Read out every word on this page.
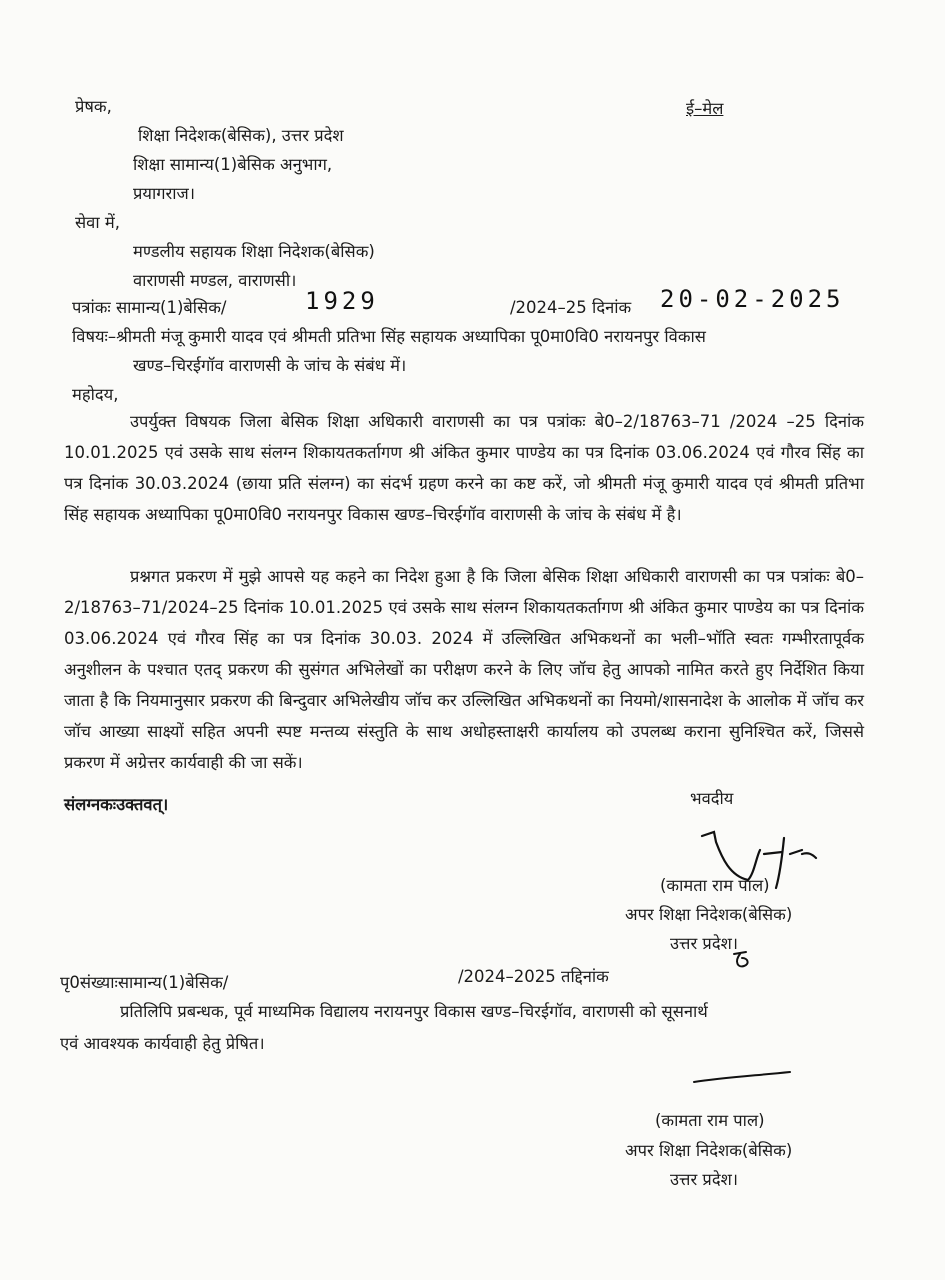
प्रेषक,
शिक्षा निदेशक(बेसिक), उत्तर प्रदेश
शिक्षा सामान्य(1)बेसिक अनुभाग,
प्रयागराज।
ई–मेल
सेवा में,
मण्डलीय सहायक शिक्षा निदेशक(बेसिक)
वाराणसी मण्डल, वाराणसी।
पत्रांकः सामान्य(1)बेसिक/	1929	/2024–25 दिनांक 20-02-2025
विषयः–श्रीमती मंजू कुमारी यादव एवं श्रीमती प्रतिभा सिंह सहायक अध्यापिका पू0मा0वि0 नरायनपुर विकास
खण्ड–चिरईगॉव वाराणसी के जांच के संबंध में।
महोदय,
उपर्युक्त विषयक जिला बेसिक शिक्षा अधिकारी वाराणसी का पत्र पत्रांकः बे0–2/18763–71 /2024 –25 दिनांक 10.01.2025 एवं उसके साथ संलग्न शिकायतकर्तागण श्री अंकित कुमार पाण्डेय का पत्र दिनांक 03.06.2024 एवं गौरव सिंह का पत्र दिनांक 30.03.2024 (छाया प्रति संलग्न) का संदर्भ ग्रहण करने का कष्ट करें, जो श्रीमती मंजू कुमारी यादव एवं श्रीमती प्रतिभा सिंह सहायक अध्यापिका पू0मा0वि0 नरायनपुर विकास खण्ड–चिरईगॉव वाराणसी के जांच के संबंध में है।
प्रश्नगत प्रकरण में मुझे आपसे यह कहने का निदेश हुआ है कि जिला बेसिक शिक्षा अधिकारी वाराणसी का पत्र पत्रांकः बे0–2/18763–71/2024–25 दिनांक 10.01.2025 एवं उसके साथ संलग्न शिकायतकर्तागण श्री अंकित कुमार पाण्डेय का पत्र दिनांक 03.06.2024 एवं गौरव सिंह का पत्र दिनांक 30.03. 2024 में उल्लिखित अभिकथनों का भली–भॉति स्वतः गम्भीरतापूर्वक अनुशीलन के पश्चात एतद् प्रकरण की सुसंगत अभिलेखों का परीक्षण करने के लिए जॉच हेतु आपको नामित करते हुए निर्देशित किया जाता है कि नियमानुसार प्रकरण की बिन्दुवार अभिलेखीय जॉच कर उल्लिखित अभिकथनों का नियमो/शासनादेश के आलोक में जॉच कर जॉच आख्या साक्ष्यों सहित अपनी स्पष्ट मन्तव्य संस्तुति के साथ अधोहस्ताक्षरी कार्यालय को उपलब्ध कराना सुनिश्चित करें, जिससे प्रकरण में अग्रेत्तर कार्यवाही की जा सकें।
संलग्नकःउक्तवत्।	भवदीय
(कामता राम पाल)
अपर शिक्षा निदेशक(बेसिक)
उत्तर प्रदेश।
पृ0संख्याःसामान्य(1)बेसिक/	/2024–2025 तद्दिनांक
प्रतिलिपि प्रबन्धक, पूर्व माध्यमिक विद्यालय नरायनपुर विकास खण्ड–चिरईगॉव, वाराणसी को सूसनार्थ
एवं आवश्यक कार्यवाही हेतु प्रेषित।
(कामता राम पाल)
अपर शिक्षा निदेशक(बेसिक)
उत्तर प्रदेश।
